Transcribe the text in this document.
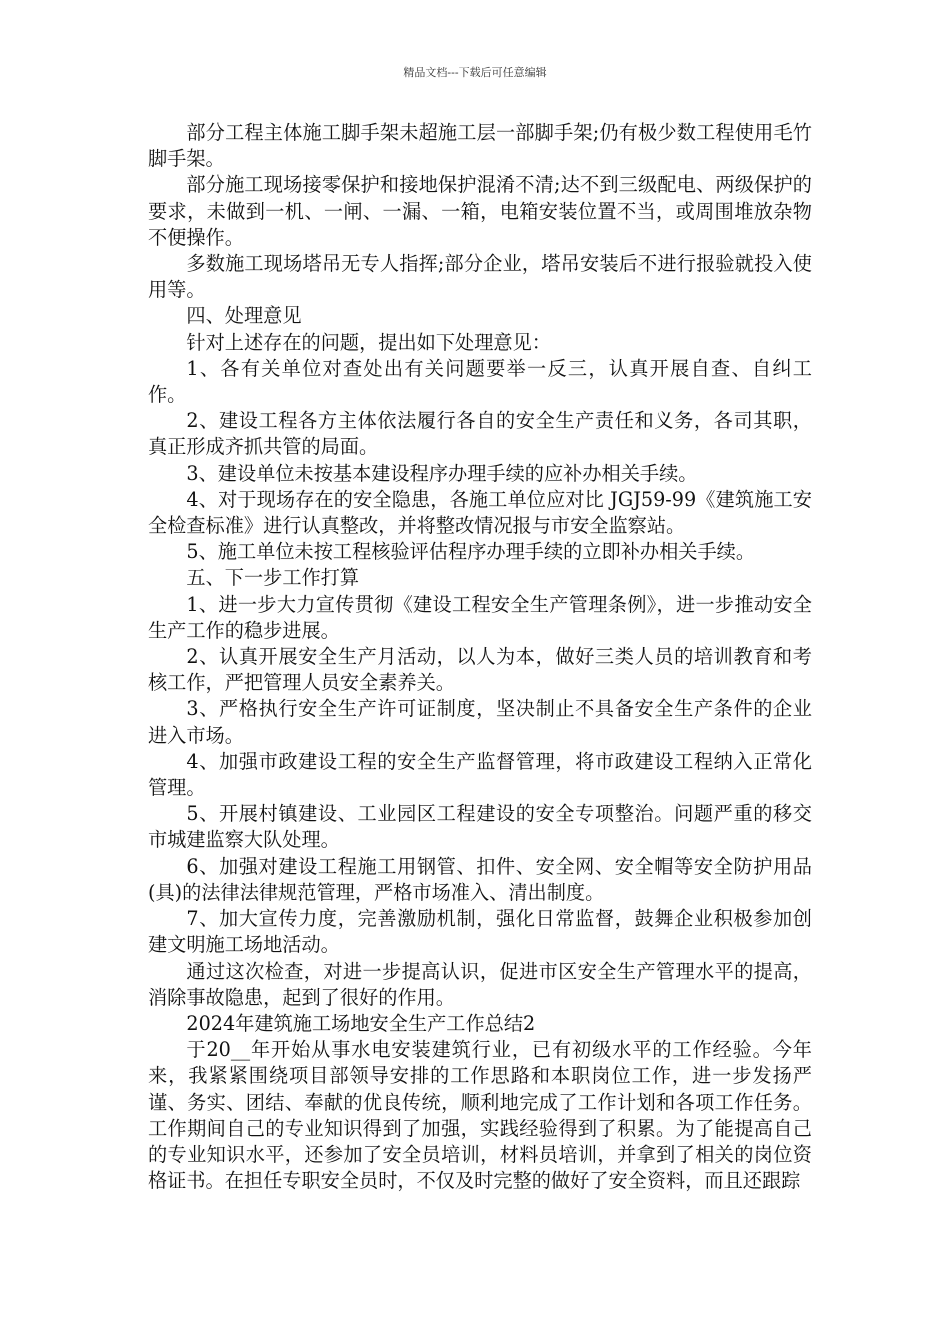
精品文档---下载后可任意编辑

部分工程主体施工脚手架未超施工层一部脚手架;仍有极少数工程使用毛竹脚手架。

部分施工现场接零保护和接地保护混淆不清;达不到三级配电、两级保护的要求，未做到一机、一闸、一漏、一箱，电箱安装位置不当，或周围堆放杂物不便操作。

多数施工现场塔吊无专人指挥;部分企业，塔吊安装后不进行报验就投入使用等。

四、处理意见

针对上述存在的问题，提出如下处理意见：

1、各有关单位对查处出有关问题要举一反三，认真开展自查、自纠工作。

2、建设工程各方主体依法履行各自的安全生产责任和义务，各司其职，真正形成齐抓共管的局面。

3、建设单位未按基本建设程序办理手续的应补办相关手续。

4、对于现场存在的安全隐患，各施工单位应对比 JGJ59-99《建筑施工安全检查标准》进行认真整改，并将整改情况报与市安全监察站。

5、施工单位未按工程核验评估程序办理手续的立即补办相关手续。

五、下一步工作打算

1、进一步大力宣传贯彻《建设工程安全生产管理条例》，进一步推动安全生产工作的稳步进展。

2、认真开展安全生产月活动，以人为本，做好三类人员的培训教育和考核工作，严把管理人员安全素养关。

3、严格执行安全生产许可证制度，坚决制止不具备安全生产条件的企业进入市场。

4、加强市政建设工程的安全生产监督管理，将市政建设工程纳入正常化管理。

5、开展村镇建设、工业园区工程建设的安全专项整治。问题严重的移交市城建监察大队处理。

6、加强对建设工程施工用钢管、扣件、安全网、安全帽等安全防护用品(具)的法律法律规范管理，严格市场准入、清出制度。

7、加大宣传力度，完善激励机制，强化日常监督，鼓舞企业积极参加创建文明施工场地活动。

通过这次检查，对进一步提高认识，促进市区安全生产管理水平的提高，消除事故隐患，起到了很好的作用。

2024年建筑施工场地安全生产工作总结2

于20__年开始从事水电安装建筑行业，已有初级水平的工作经验。今年来，我紧紧围绕项目部领导安排的工作思路和本职岗位工作，进一步发扬严谨、务实、团结、奉献的优良传统，顺利地完成了工作计划和各项工作任务。工作期间自己的专业知识得到了加强，实践经验得到了积累。为了能提高自己的专业知识水平，还参加了安全员培训，材料员培训，并拿到了相关的岗位资格证书。在担任专职安全员时，不仅及时完整的做好了安全资料，而且还跟踪
